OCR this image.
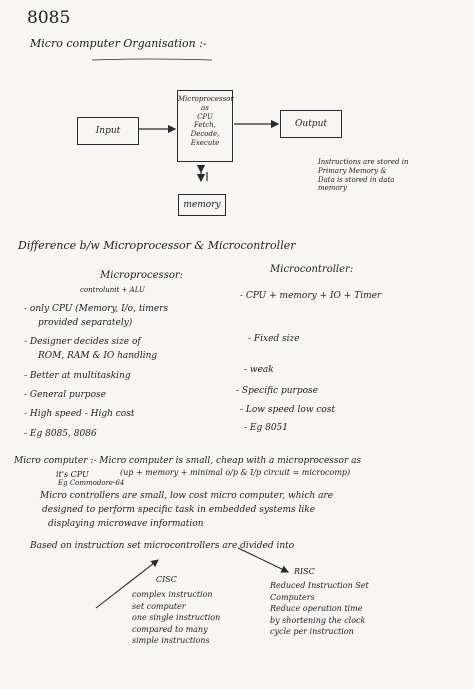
8085
Micro computer Organisation :-
Input
Microprocessor
as
CPU
Fetch,
Decode,
Execute
Output
memory
Instructions are stored in
Primary Memory &
Data is stored in data
memory
Difference b/w Microprocessor & Microcontroller
Microprocessor:
controlunit + ALU
Microcontroller:
- only CPU (Memory, I/o, timers
provided separately)
- Designer decides size of
ROM, RAM & IO handling
- Better at multitasking
- General purpose
- High speed - High cost
- Eg 8085, 8086
- CPU + memory + IO + Timer
- Fixed size
- weak
- Specific purpose
- Low speed low cost
- Eg 8051
Micro computer :- Micro computer is small, cheap with a microprocessor as
it's CPU	(up + memory + minimal o/p & I/p circuit = microcomp)
Eg Commodore-64
Micro controllers are small, low cost micro computer, which are
designed to perform specific task in embedded systems like
displaying microwave information
Based on instruction set microcontrollers are divided into
CISC
complex instruction
set computer
one single instruction
compared to many
simple instructions
RISC
Reduced Instruction Set
Computers
Reduce operation time
by shortening the clock
cycle per instruction
